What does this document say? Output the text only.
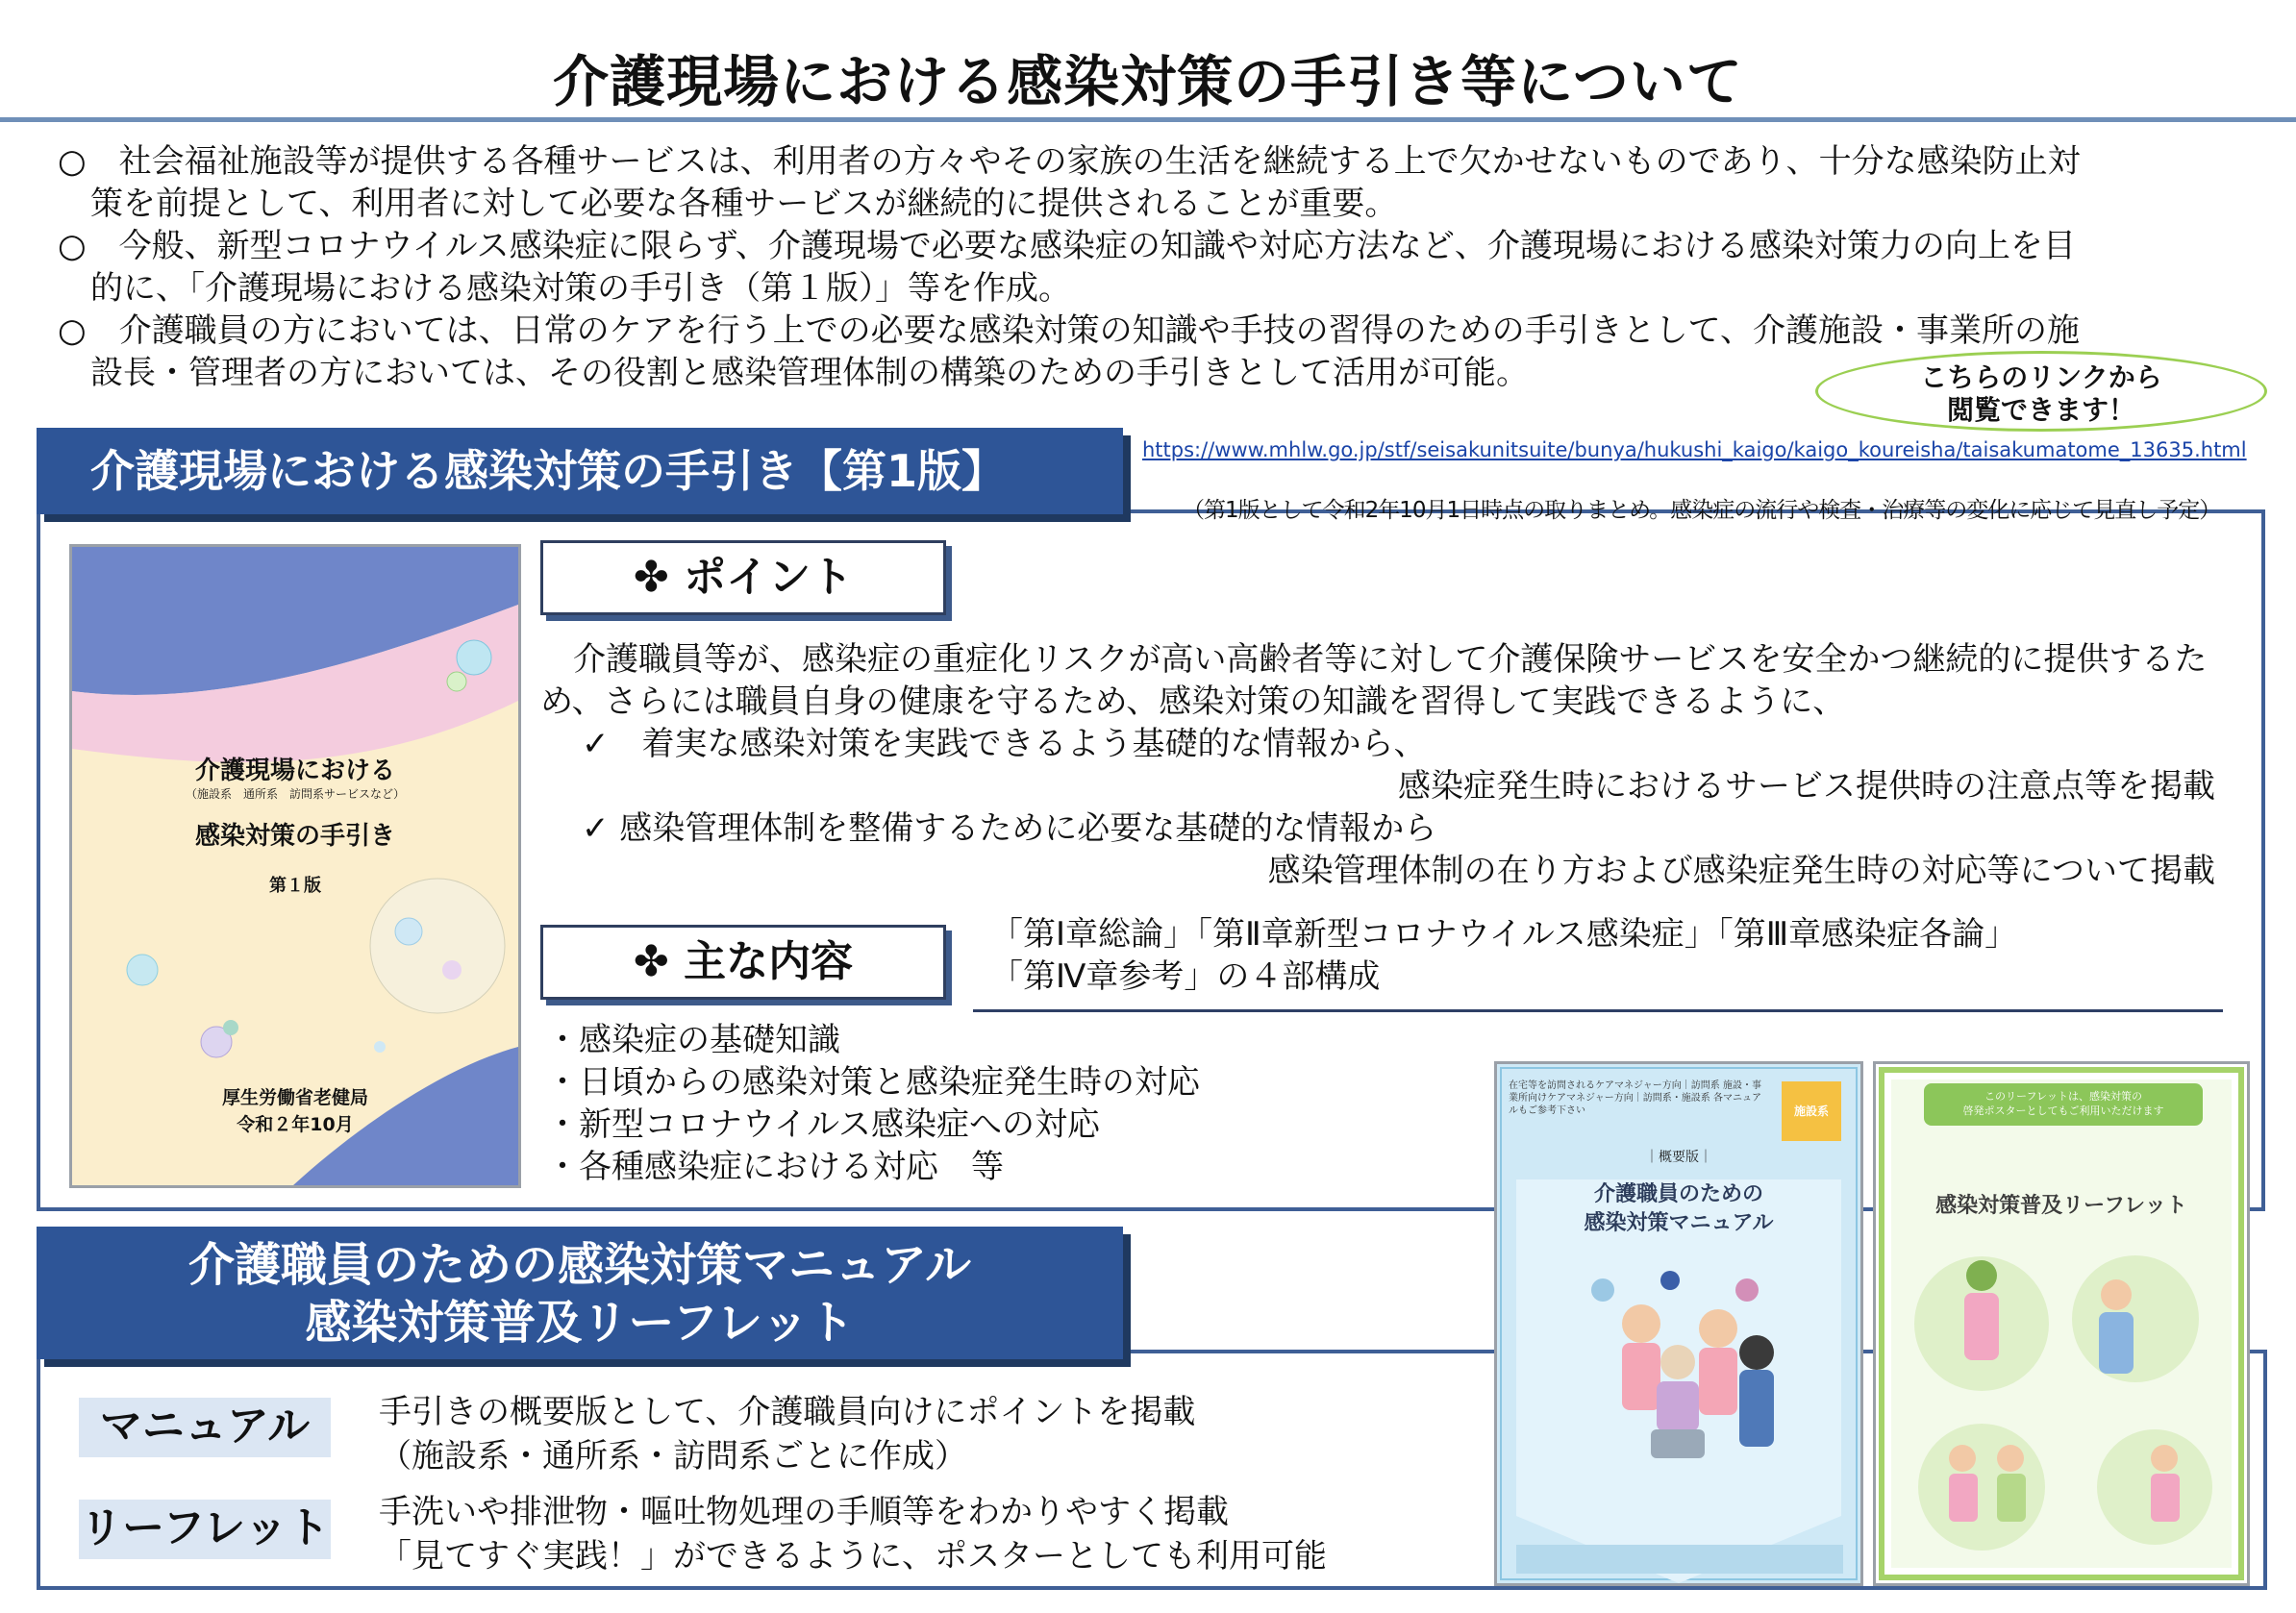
介護現場における感染対策の手引き等について

○　社会福祉施設等が提供する各種サービスは、利用者の方々やその家族の生活を継続する上で欠かせないものであり、十分な感染防止対
策を前提として、利用者に対して必要な各種サービスが継続的に提供されることが重要。

○　今般、新型コロナウイルス感染症に限らず、介護現場で必要な感染症の知識や対応方法など、介護現場における感染対策力の向上を目
的に、「介護現場における感染対策の手引き（第１版）」等を作成。

○　介護職員の方においては、日常のケアを行う上での必要な感染対策の知識や手技の習得のための手引きとして、介護施設・事業所の施
設長・管理者の方においては、その役割と感染管理体制の構築のための手引きとして活用が可能。	こちらのリンクから
閲覧できます！
https://www.mhlw.go.jp/stf/seisakunitsuite/bunya/hukushi_kaigo/kaigo_koureisha/taisakumatome_13635.html
介護現場における感染対策の手引き【第1版】
（第1版として令和2年10月1日時点の取りまとめ。感染症の流行や検査・治療等の変化に応じて見直し予定）
介護現場における
（施設系　通所系　訪問系サービスなど）
感染対策の手引き
第１版
厚生労働省老健局
令和２年10月
✤ ポイント
　介護職員等が、感染症の重症化リスクが高い高齢者等に対して介護保険サービスを安全かつ継続的に提供するため、さらには職員自身の健康を守るため、感染対策の知識を習得して実践できるように、
✓　着実な感染対策を実践できるよう基礎的な情報から、
感染症発生時におけるサービス提供時の注意点等を掲載
✓ 感染管理体制を整備するために必要な基礎的な情報から
感染管理体制の在り方および感染症発生時の対応等について掲載
✤ 主な内容
「第Ⅰ章総論」「第Ⅱ章新型コロナウイルス感染症」「第Ⅲ章感染症各論」
「第Ⅳ章参考」の４部構成
・感染症の基礎知識
・日頃からの感染対策と感染症発生時の対応
・新型コロナウイルス感染症への対応
・各種感染症における対応　等
介護職員のための感染対策マニュアル
感染対策普及リーフレット
マニュアル	手引きの概要版として、介護職員向けにポイントを掲載
（施設系・通所系・訪問系ごとに作成）
リーフレット 手洗いや排泄物・嘔吐物処理の手順等をわかりやすく掲載
「見てすぐ実践！」ができるように、ポスターとしても利用可能
在宅等を訪問されるケアマネジャー方向｜訪問系 施設・事業所向けケアマネジャー方向｜訪問系・施設系 各マニュアルもご参考下さい	施設系
｜概要版｜
介護職員のための
感染対策マニュアル
このリーフレットは、感染対策の
啓発ポスターとしてもご利用いただけます
感染対策普及リーフレット
